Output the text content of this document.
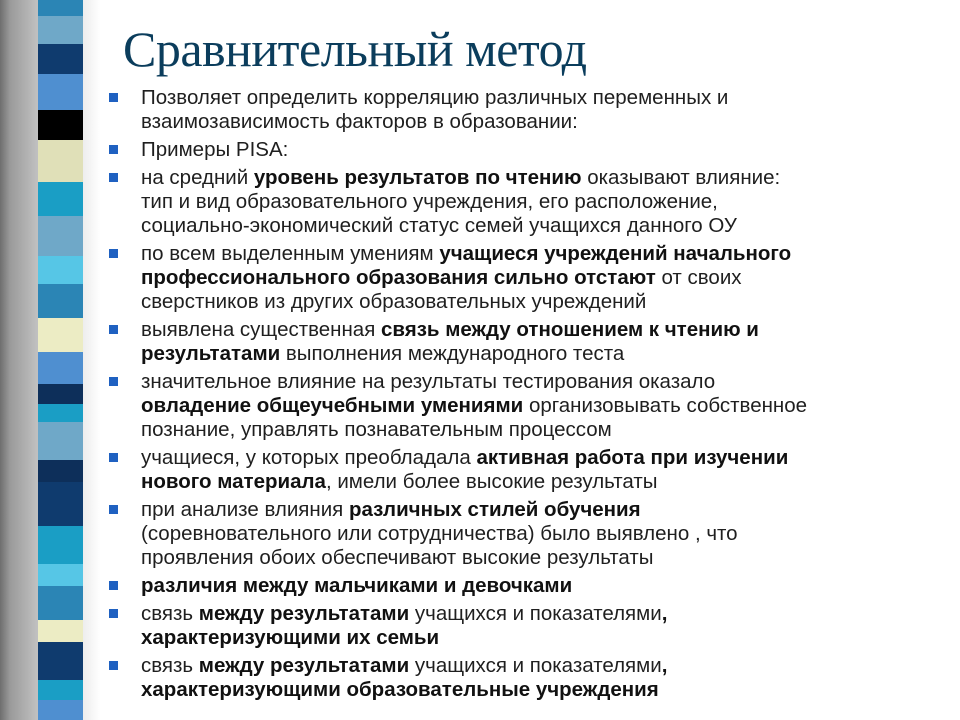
Сравнительный метод
Позволяет определить корреляцию различных переменных и
взаимозависимость факторов в образовании:
Примеры PISA:
на средний уровень результатов по чтению оказывают влияние:
тип и вид образовательного учреждения, его расположение,
социально-экономический статус семей учащихся данного ОУ
по всем выделенным умениям учащиеся учреждений начального
профессионального образования сильно отстают от своих
сверстников из других образовательных учреждений
выявлена существенная связь между отношением к чтению и
результатами выполнения международного теста
значительное влияние на результаты тестирования оказало
овладение общеучебными умениями организовывать собственное
познание, управлять познавательным процессом
учащиеся, у которых преобладала активная работа при изучении
нового материала, имели более высокие результаты
при анализе влияния различных стилей обучения
(соревновательного или сотрудничества) было выявлено , что
проявления обоих обеспечивают высокие результаты
различия между мальчиками и девочками
связь между результатами учащихся и показателями,
характеризующими их семьи
связь между результатами учащихся и показателями,
характеризующими образовательные учреждения
